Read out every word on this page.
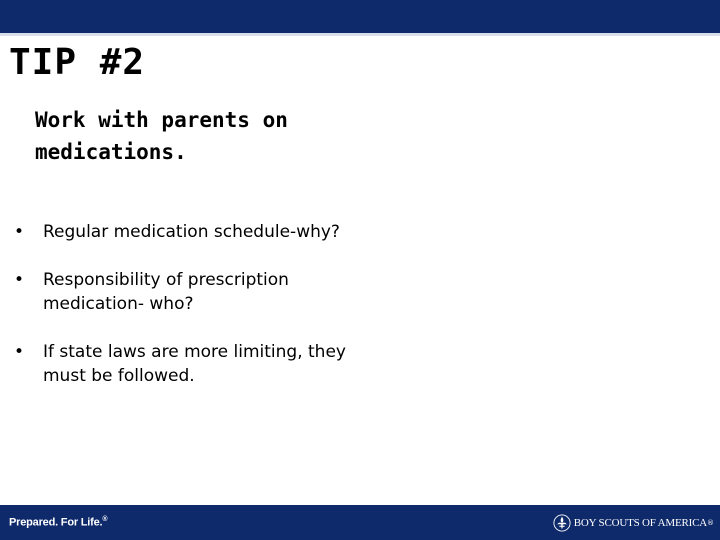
TIP #2
Work with parents on medications.
• Regular medication schedule-why?
• Responsibility of prescription medication- who?
• If state laws are more limiting, they must be followed.
Prepared. For Life.®	BOY SCOUTS OF AMERICA ®
